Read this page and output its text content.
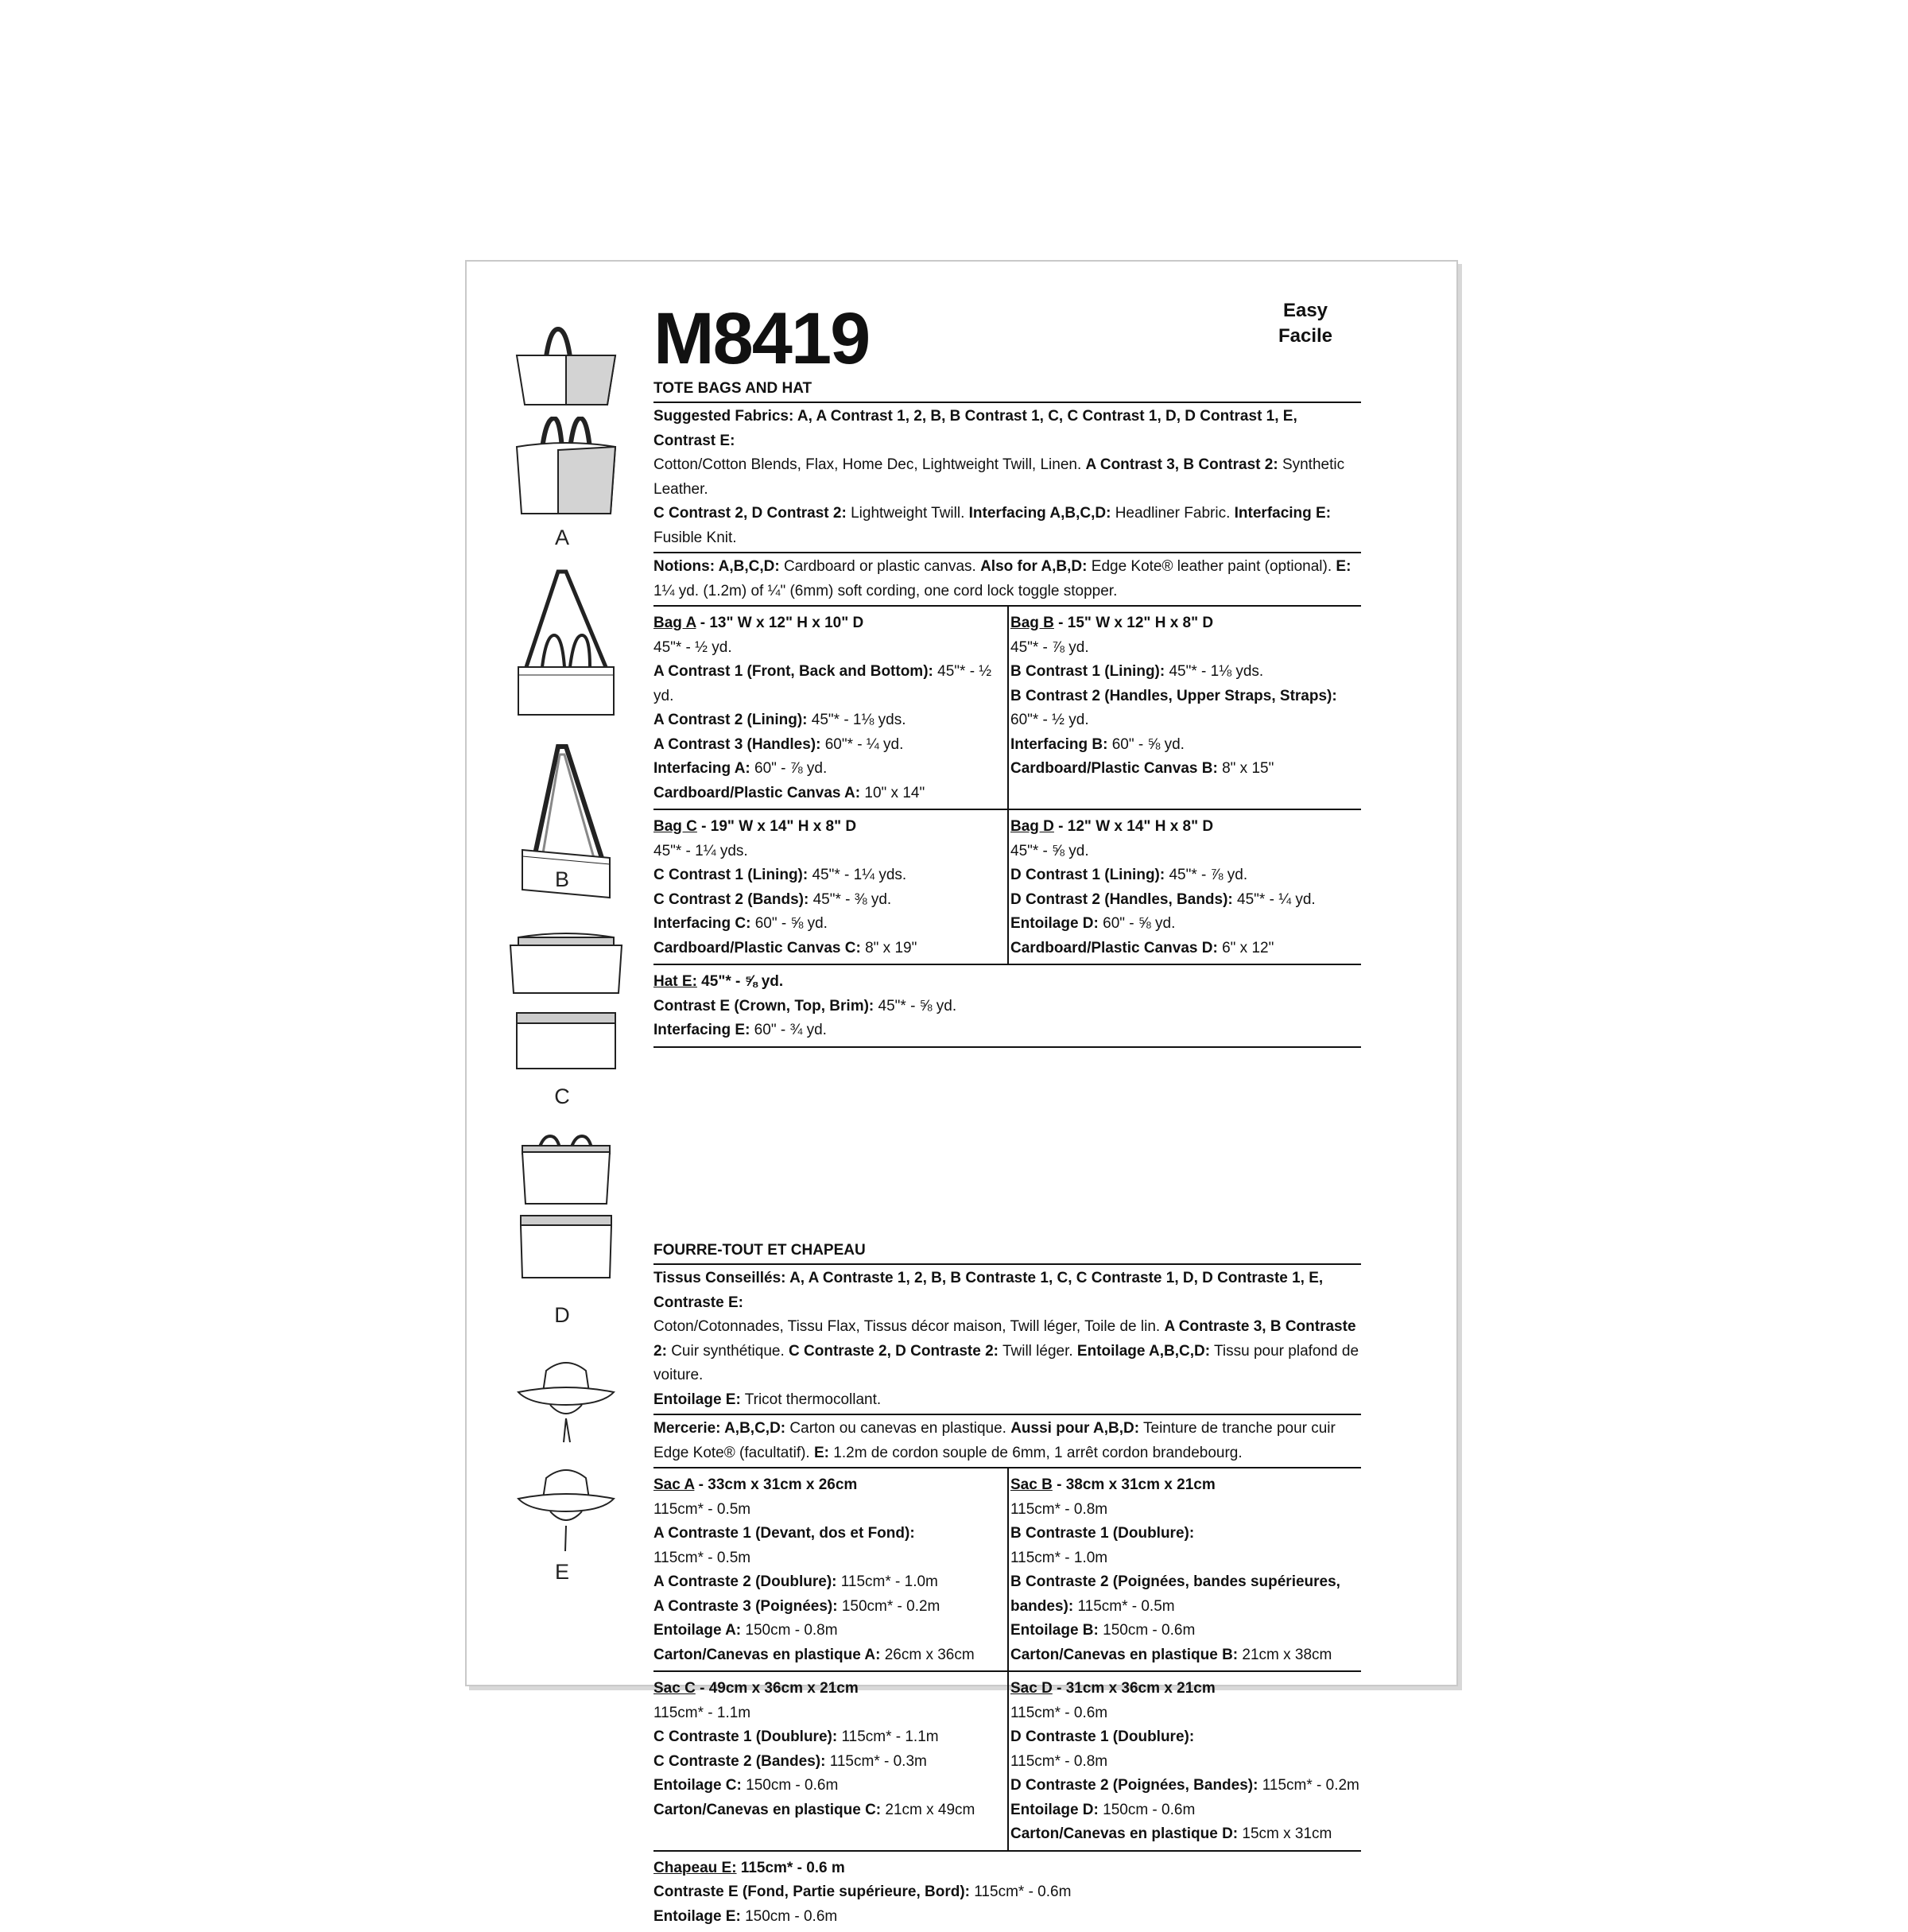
A
B
C
D
E
M8419	Easy
Facile
TOTE BAGS AND HAT

Suggested Fabrics: A, A Contrast 1, 2, B, B Contrast 1, C, C Contrast 1, D, D Contrast 1, E, Contrast E:

Cotton/Cotton Blends, Flax, Home Dec, Lightweight Twill, Linen. A Contrast 3, B Contrast 2: Synthetic Leather.

C Contrast 2, D Contrast 2: Lightweight Twill. Interfacing A,B,C,D: Headliner Fabric. Interfacing E: Fusible Knit.

Notions: A,B,C,D: Cardboard or plastic canvas. Also for A,B,D: Edge Kote® leather paint (optional). E: 1¼ yd. (1.2m) of ¼" (6mm) soft cording, one cord lock toggle stopper.

Bag A - 13" W x 12" H x 10" D

45"* - ½ yd.

A Contrast 1 (Front, Back and Bottom): 45"* - ½ yd.

A Contrast 2 (Lining): 45"* - 1⅛ yds.

A Contrast 3 (Handles): 60"* - ¼ yd.

Interfacing A: 60" - ⅞ yd.

Cardboard/Plastic Canvas A: 10" x 14"

Bag B - 15" W x 12" H x 8" D

45"* - ⅞ yd.

B Contrast 1 (Lining): 45"* - 1⅛ yds.

B Contrast 2 (Handles, Upper Straps, Straps):

60"* - ½ yd.

Interfacing B: 60" - ⅝ yd.

Cardboard/Plastic Canvas B: 8" x 15"

Bag C - 19" W x 14" H x 8" D

45"* - 1¼ yds.

C Contrast 1 (Lining): 45"* - 1¼ yds.

C Contrast 2 (Bands): 45"* - ⅜ yd.

Interfacing C: 60" - ⅝ yd.

Cardboard/Plastic Canvas C: 8" x 19"

Bag D - 12" W x 14" H x 8" D

45"* - ⅝ yd.

D Contrast 1 (Lining): 45"* - ⅞ yd.

D Contrast 2 (Handles, Bands): 45"* - ¼ yd.

Entoilage D: 60" - ⅝ yd.

Cardboard/Plastic Canvas D: 6" x 12"

Hat E: 45"* - ⅝ yd.

Contrast E (Crown, Top, Brim): 45"* - ⅝ yd.

Interfacing E: 60" - ¾ yd.

FOURRE-TOUT ET CHAPEAU

Tissus Conseillés: A, A Contraste 1, 2, B, B Contraste 1, C, C Contraste 1, D, D Contraste 1, E, Contraste E:

Coton/Cotonnades, Tissu Flax, Tissus décor maison, Twill léger, Toile de lin. A Contraste 3, B Contraste 2: Cuir synthétique. C Contraste 2, D Contraste 2: Twill léger. Entoilage A,B,C,D: Tissu pour plafond de voiture.

Entoilage E: Tricot thermocollant.

Mercerie: A,B,C,D: Carton ou canevas en plastique. Aussi pour A,B,D: Teinture de tranche pour cuir Edge Kote® (facultatif). E: 1.2m de cordon souple de 6mm, 1 arrêt cordon brandebourg.

Sac A - 33cm x 31cm x 26cm

115cm* - 0.5m

A Contraste 1 (Devant, dos et Fond):

115cm* - 0.5m

A Contraste 2 (Doublure): 115cm* - 1.0m

A Contraste 3 (Poignées): 150cm* - 0.2m

Entoilage A: 150cm - 0.8m

Carton/Canevas en plastique A: 26cm x 36cm

Sac B - 38cm x 31cm x 21cm

115cm* - 0.8m

B Contraste 1 (Doublure):

115cm* - 1.0m

B Contraste 2 (Poignées, bandes supérieures,

bandes): 115cm* - 0.5m

Entoilage B: 150cm - 0.6m

Carton/Canevas en plastique B: 21cm x 38cm

Sac C - 49cm x 36cm x 21cm

115cm* - 1.1m

C Contraste 1 (Doublure): 115cm* - 1.1m

C Contraste 2 (Bandes): 115cm* - 0.3m

Entoilage C: 150cm - 0.6m

Carton/Canevas en plastique C: 21cm x 49cm

Sac D - 31cm x 36cm x 21cm

115cm* - 0.6m

D Contraste 1 (Doublure):

115cm* - 0.8m

D Contraste 2 (Poignées, Bandes): 115cm* - 0.2m

Entoilage D: 150cm - 0.6m

Carton/Canevas en plastique D: 15cm x 31cm

Chapeau E: 115cm* - 0.6 m

Contraste E (Fond, Partie supérieure, Bord): 115cm* - 0.6m

Entoilage E: 150cm - 0.6m
